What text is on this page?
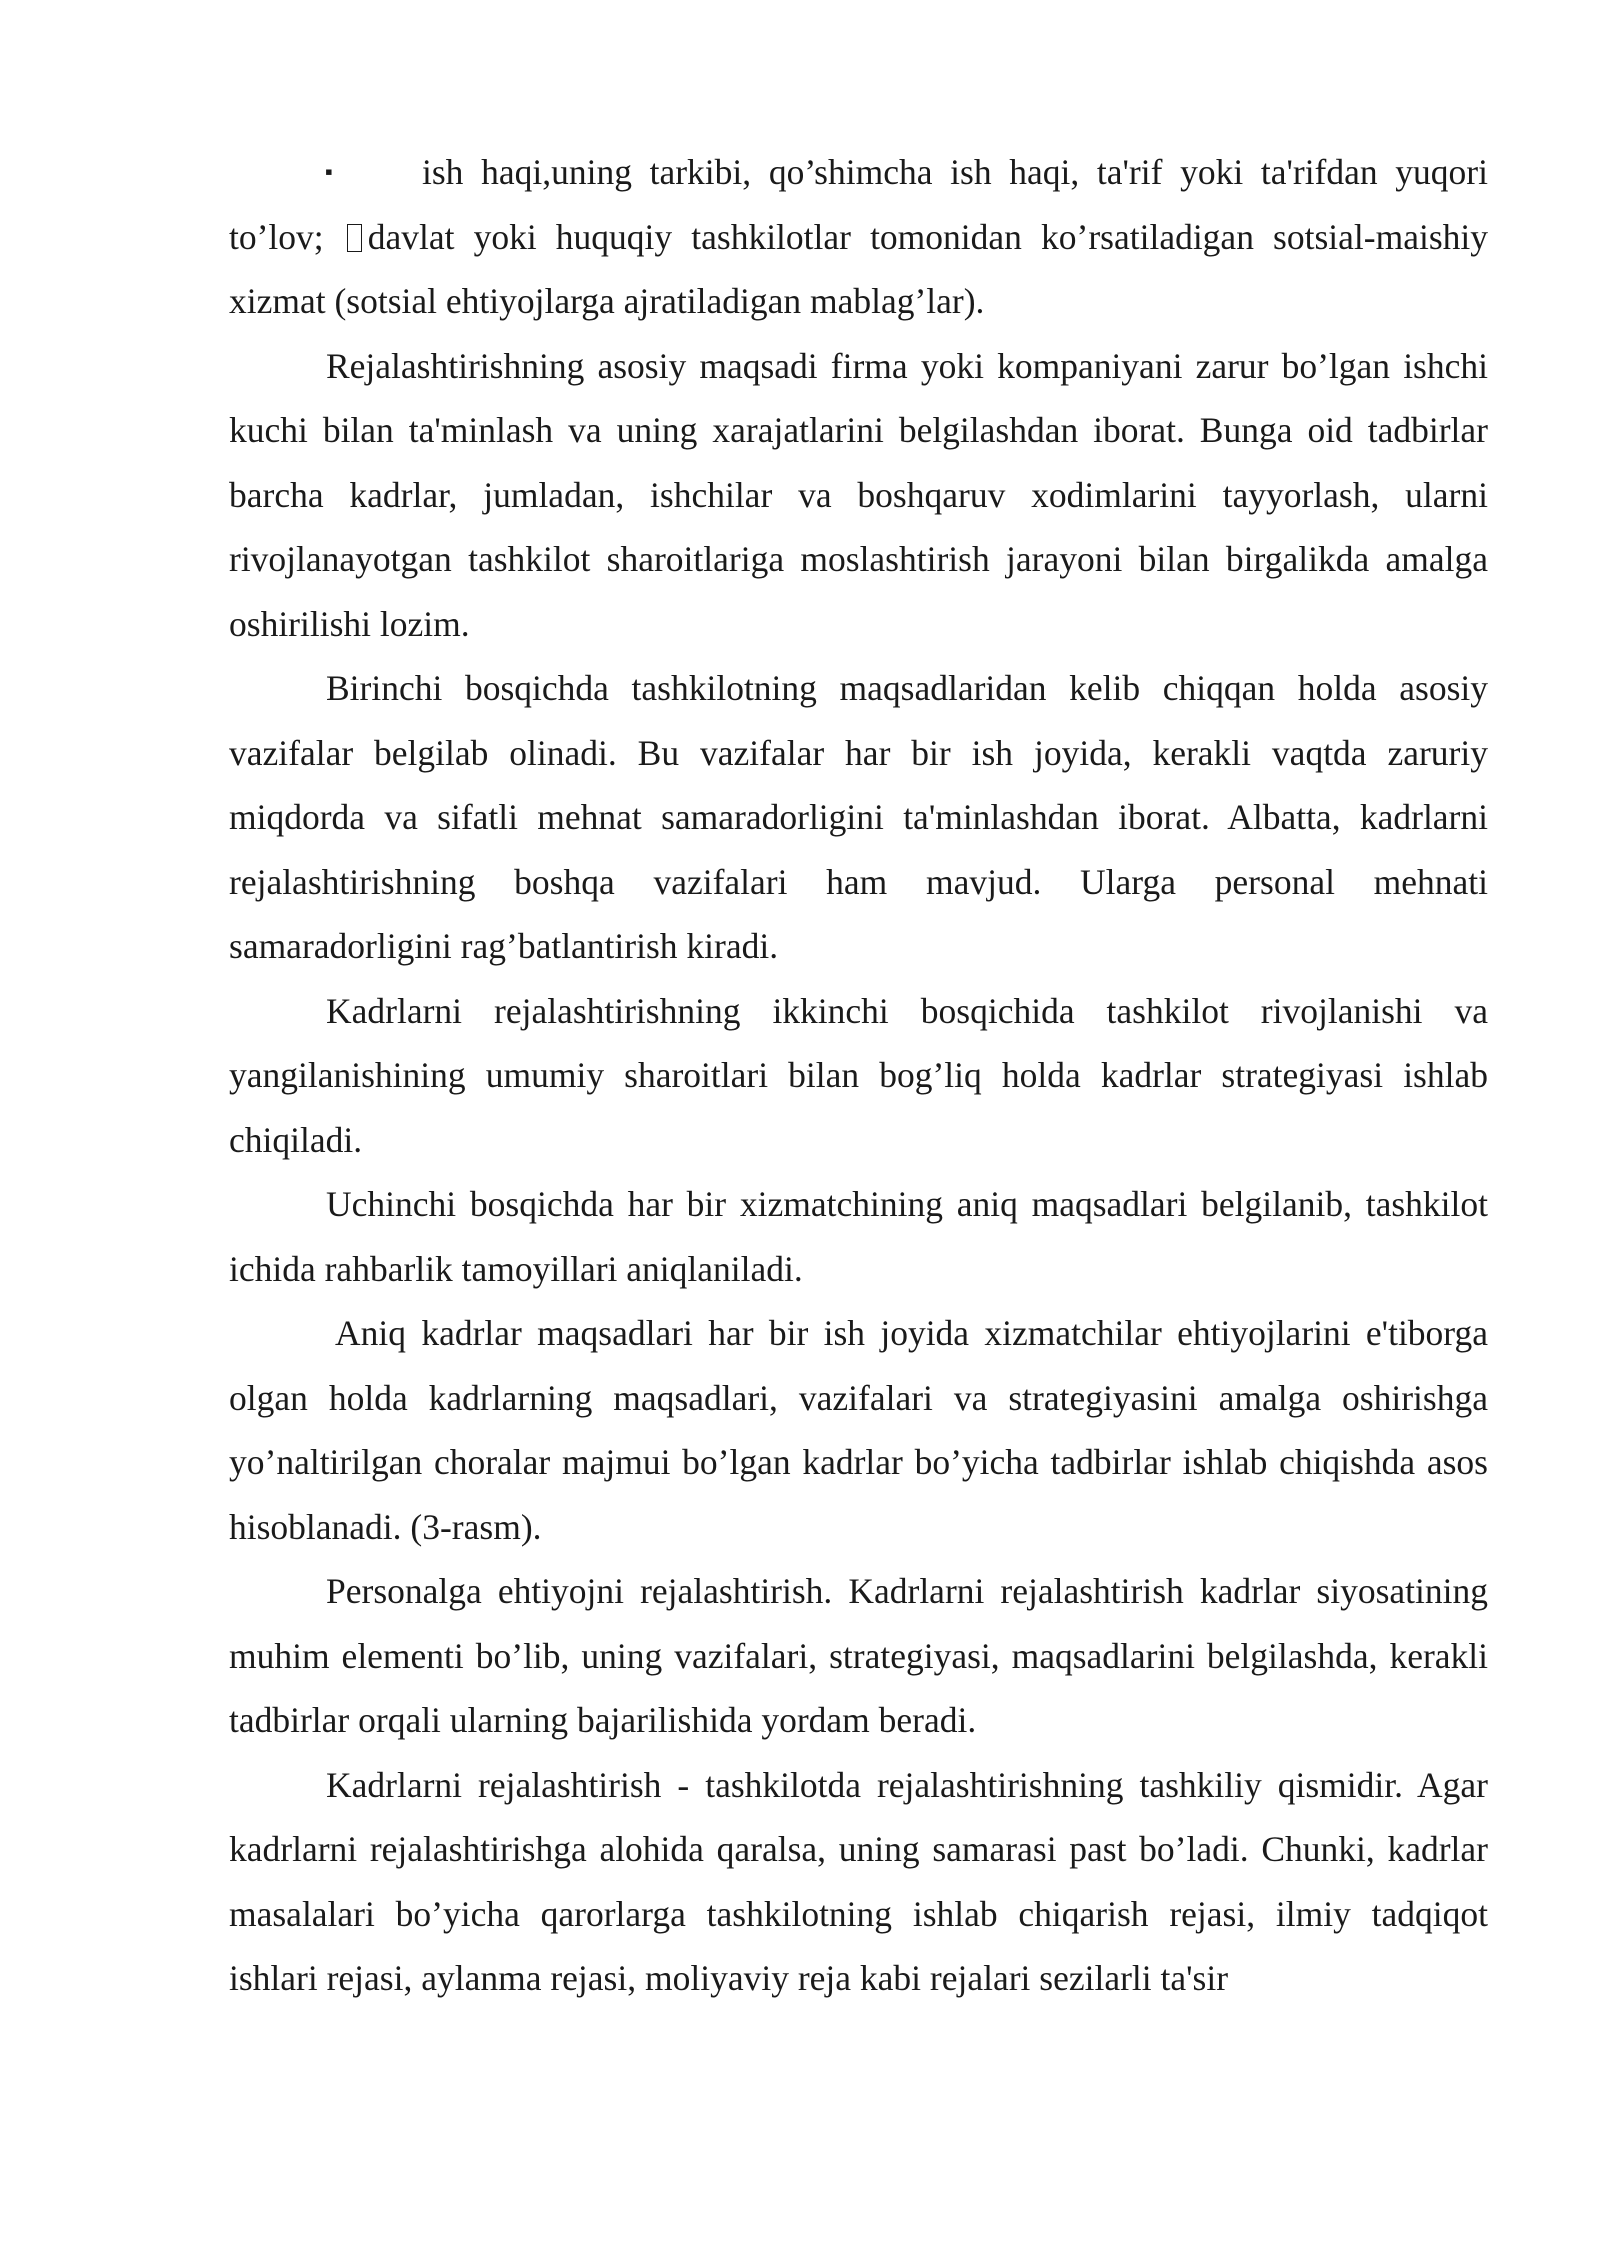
▪	ish haqi,uning tarkibi, qo’shimcha ish haqi, ta'rif yoki ta'rifdan yuqori to’lov; davlat yoki huquqiy tashkilotlar tomonidan ko’rsatiladigan sotsial-maishiy xizmat (sotsial ehtiyojlarga ajratiladigan mablag’lar).

Rejalashtirishning asosiy maqsadi firma yoki kompaniyani zarur bo’lgan ishchi kuchi bilan ta'minlash va uning xarajatlarini belgilashdan iborat. Bunga oid tadbirlar barcha kadrlar, jumladan, ishchilar va boshqaruv xodimlarini tayyorlash, ularni rivojlanayotgan tashkilot sharoitlariga moslashtirish jarayoni bilan birgalikda amalga oshirilishi lozim.

Birinchi bosqichda tashkilotning maqsadlaridan kelib chiqqan holda asosiy vazifalar belgilab olinadi. Bu vazifalar har bir ish joyida, kerakli vaqtda zaruriy miqdorda va sifatli mehnat samaradorligini ta'minlashdan iborat. Albatta, kadrlarni rejalashtirishning boshqa vazifalari ham mavjud. Ularga personal mehnati samaradorligini rag’batlantirish kiradi.

Kadrlarni rejalashtirishning ikkinchi bosqichida tashkilot rivojlanishi va yangilanishining umumiy sharoitlari bilan bog’liq holda kadrlar strategiyasi ishlab chiqiladi.

Uchinchi bosqichda har bir xizmatchining aniq maqsadlari belgilanib, tashkilot ichida rahbarlik tamoyillari aniqlaniladi.

Aniq kadrlar maqsadlari har bir ish joyida xizmatchilar ehtiyojlarini e'tiborga olgan holda kadrlarning maqsadlari, vazifalari va strategiyasini amalga oshirishga yo’naltirilgan choralar majmui bo’lgan kadrlar bo’yicha tadbirlar ishlab chiqishda asos hisoblanadi. (3-rasm).

Personalga ehtiyojni rejalashtirish. Kadrlarni rejalashtirish kadrlar siyosatining muhim elementi bo’lib, uning vazifalari, strategiyasi, maqsadlarini belgilashda, kerakli tadbirlar orqali ularning bajarilishida yordam beradi.

Kadrlarni rejalashtirish - tashkilotda rejalashtirishning tashkiliy qismidir. Agar kadrlarni rejalashtirishga alohida qaralsa, uning samarasi past bo’ladi. Chunki, kadrlar masalalari bo’yicha qarorlarga tashkilotning ishlab chiqarish rejasi, ilmiy tadqiqot ishlari rejasi, aylanma rejasi, moliyaviy reja kabi rejalari sezilarli ta'sir
